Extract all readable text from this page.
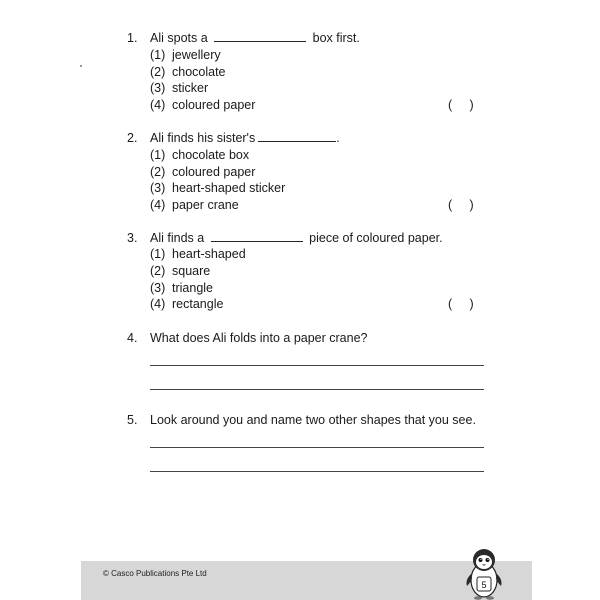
1. Ali spots a	box first.
(1) jewellery
(2) chocolate
(3) sticker
(4) coloured paper	(     )
2. Ali finds his sister's	.
(1) chocolate box
(2) coloured paper
(3) heart-shaped sticker
(4) paper crane	(     )
3. Ali finds a	piece of coloured paper.
(1) heart-shaped
(2) square
(3) triangle
(4) rectangle	(     )
4. What does Ali folds into a paper crane?
5. Look around you and name two other shapes that you see.
© Casco Publications Pte Ltd
5
